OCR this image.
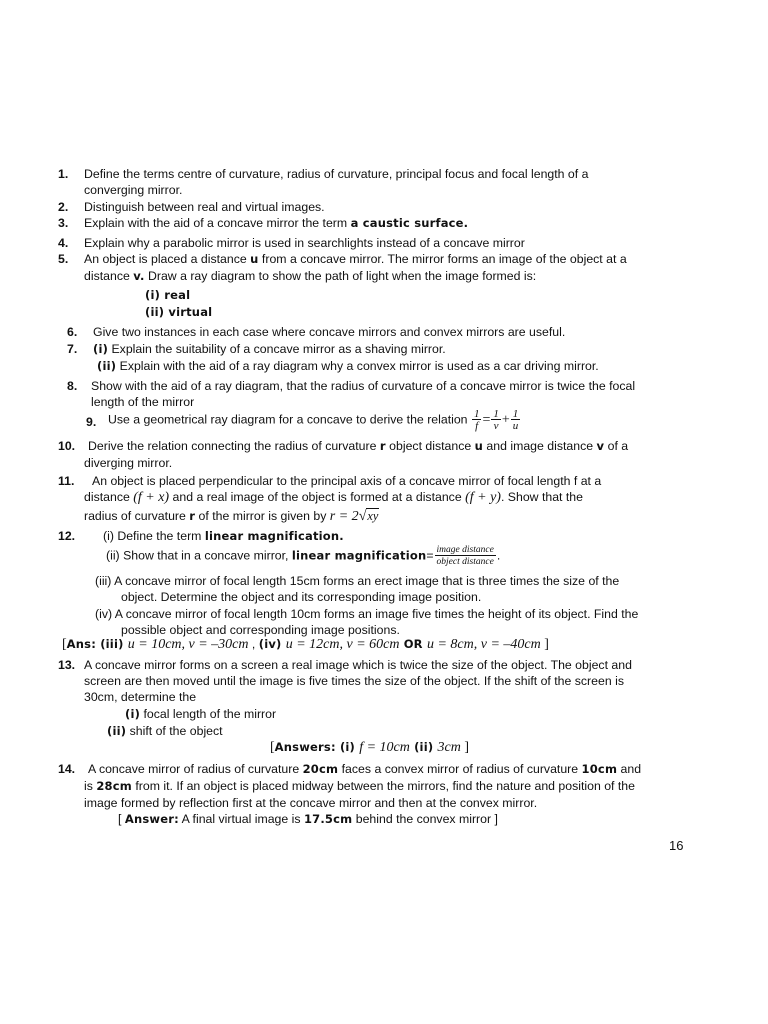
1. Define the terms centre of curvature, radius of curvature, principal focus and focal length of a
converging mirror.
2. Distinguish between real and virtual images.
3. Explain with the aid of a concave mirror the term a caustic surface.
4. Explain why a parabolic mirror is used in searchlights instead of a concave mirror
5. An object is placed a distance u from a concave mirror. The mirror forms an image of the object at a
distance v. Draw a ray diagram to show the path of light when the image formed is:
(i) real
(ii) virtual
6. Give two instances in each case where concave mirrors and convex mirrors are useful.
7. (i) Explain the suitability of a concave mirror as a shaving mirror.
(ii) Explain with the aid of a ray diagram why a convex mirror is used as a car driving mirror.
8. Show with the aid of a ray diagram, that the radius of curvature of a concave mirror is twice the focal
length of the mirror
9. Use a geometrical ray diagram for a concave to derive the relation $\frac{1}{f} = \frac{1}{v} + \frac{1}{u}$
10. Derive the relation connecting the radius of curvature r object distance u and image distance v of a
diverging mirror.
11. An object is placed perpendicular to the principal axis of a concave mirror of focal length f at a
distance (f + x) and a real image of the object is formed at a distance (f + y). Show that the
radius of curvature r of the mirror is given by r = 2√xy
12. (i) Define the term linear magnification.
(ii) Show that in a concave mirror, linear magnification= $\frac{\text{image distance}}{\text{object distance}}$ .
(iii) A concave mirror of focal length 15cm forms an erect image that is three times the size of the
object. Determine the object and its corresponding image position.
(iv) A concave mirror of focal length 10cm forms an image five times the height of its object. Find the
possible object and corresponding image positions.
[Ans: (iii) u = 10cm, v = –30cm , (iv) u = 12cm, v = 60cm OR u = 8cm, v = –40cm ]
13. A concave mirror forms on a screen a real image which is twice the size of the object. The object and
screen are then moved until the image is five times the size of the object. If the shift of the screen is
30cm, determine the
(i) focal length of the mirror
(ii) shift of the object
[Answers: (i) f = 10cm (ii) 3cm ]
14. A concave mirror of radius of curvature 20cm faces a convex mirror of radius of curvature 10cm and
is 28cm from it. If an object is placed midway between the mirrors, find the nature and position of the
image formed by reflection first at the concave mirror and then at the convex mirror.
[ Answer: A final virtual image is 17.5cm behind the convex mirror ]
16
